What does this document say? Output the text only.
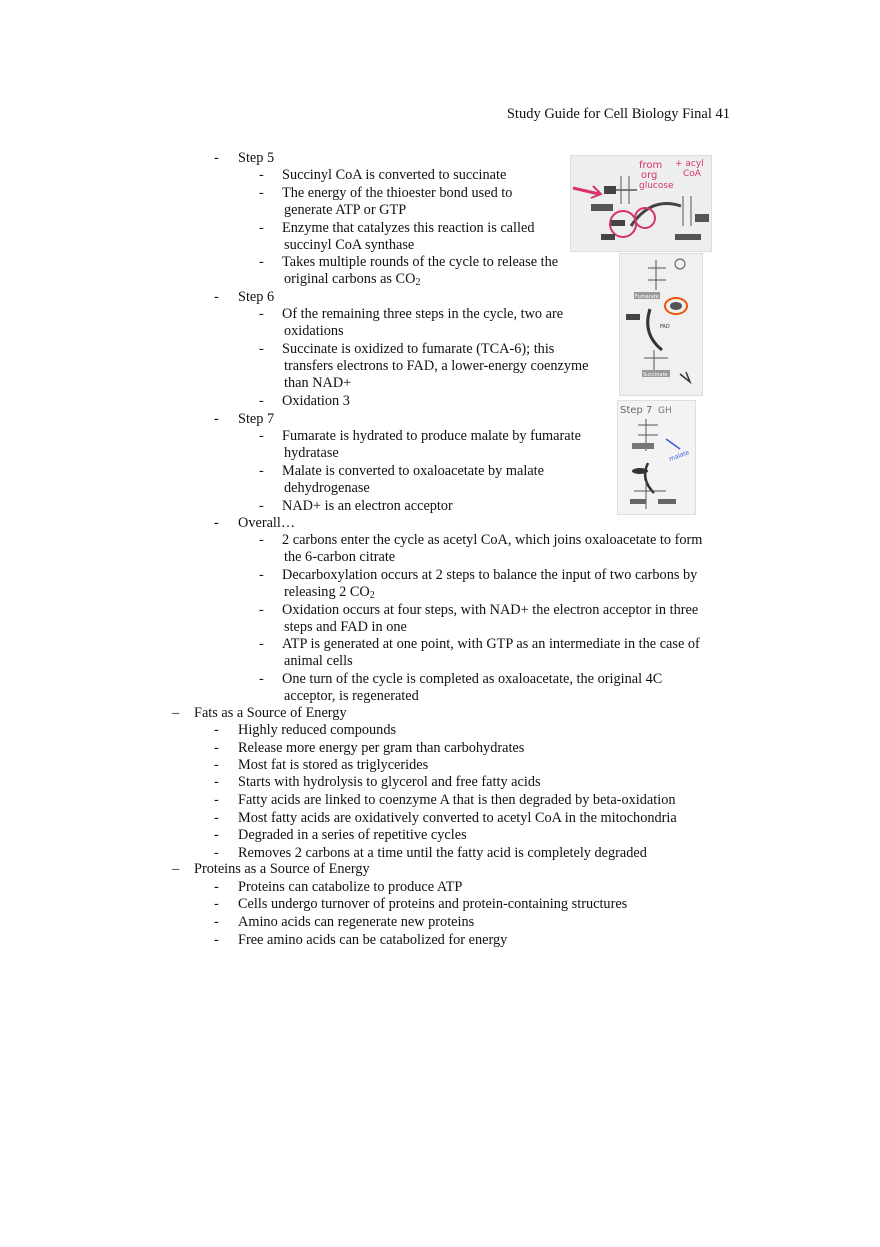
Study Guide for Cell Biology Final 41
- Step 5
- Succinyl CoA is converted to succinate
- The energy of the thioester bond used to
generate ATP or GTP
- Enzyme that catalyzes this reaction is called
succinyl CoA synthase
- Takes multiple rounds of the cycle to release the
original carbons as $CO_2$
- Step 6
- Of the remaining three steps in the cycle, two are
oxidations
- Succinate is oxidized to fumarate (TCA-6); this
transfers electrons to FAD, a lower-energy coenzyme
than NAD+
- Oxidation 3
- Step 7
- Fumarate is hydrated to produce malate by fumarate
hydratase
- Malate is converted to oxaloacetate by malate
dehydrogenase
- NAD+ is an electron acceptor
- Overall…
- 2 carbons enter the cycle as acetyl CoA, which joins oxaloacetate to form
the 6-carbon citrate
- Decarboxylation occurs at 2 steps to balance the input of two carbons by
releasing 2 $CO_2$
- Oxidation occurs at four steps, with NAD+ the electron acceptor in three
steps and FAD in one
- ATP is generated at one point, with GTP as an intermediate in the case of
animal cells
- One turn of the cycle is completed as oxaloacetate, the original 4C
acceptor, is regenerated
– Fats as a Source of Energy
- Highly reduced compounds
- Release more energy per gram than carbohydrates
- Most fat is stored as triglycerides
- Starts with hydrolysis to glycerol and free fatty acids
- Fatty acids are linked to coenzyme A that is then degraded by beta-oxidation
- Most fatty acids are oxidatively converted to acetyl CoA in the mitochondria
- Degraded in a series of repetitive cycles
- Removes 2 carbons at a time until the fatty acid is completely degraded
– Proteins as a Source of Energy
- Proteins can catabolize to produce ATP
- Cells undergo turnover of proteins and protein-containing structures
- Amino acids can regenerate new proteins
- Free amino acids can be catabolized for energy
from
org
glucose
+ acyl
CoA
Fumarate
FAD
Succinate
Step 7 GH
malate
